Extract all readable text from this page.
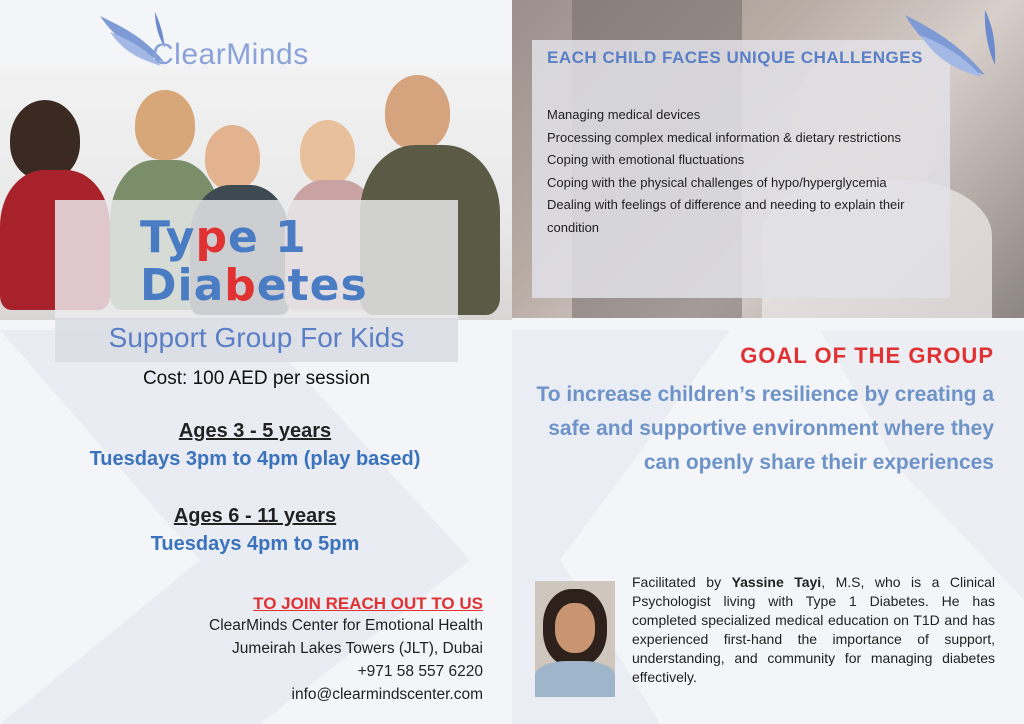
ClearMinds
Type 1
Diabetes
Support Group For Kids
Cost: 100 AED per session
Ages 3 - 5 years
Tuesdays 3pm to 4pm (play based)
Ages 6 - 11 years
Tuesdays 4pm to 5pm
TO JOIN REACH OUT TO US
ClearMinds Center for Emotional Health
Jumeirah Lakes Towers (JLT), Dubai
+971 58 557 6220
info@clearmindscenter.com
EACH CHILD FACES UNIQUE CHALLENGES
Managing medical devices
Processing complex medical information & dietary restrictions
Coping with emotional fluctuations
Coping with the physical challenges of hypo/hyperglycemia
Dealing with feelings of difference and needing to explain their condition
GOAL OF THE GROUP
To increase children’s resilience by creating a safe and supportive environment where they can openly share their experiences
Facilitated by Yassine Tayi, M.S, who is a Clinical Psychologist living with Type 1 Diabetes. He has completed specialized medical education on T1D and has experienced first-hand the importance of support, understanding, and community for managing diabetes effectively.
